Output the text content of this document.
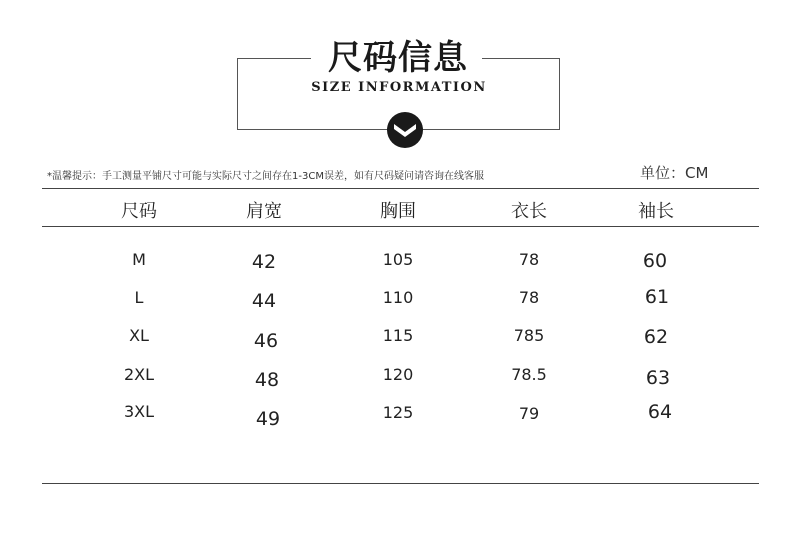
尺码信息
SIZE INFORMATION
*温馨提示：手工测量平铺尺寸可能与实际尺寸之间存在1-3CM误差，如有尺码疑问请咨询在线客服	单位：CM
尺码	肩宽	胸围	衣长	袖长
M	42	105	78	60
L	44	110	78	61
XL	46	115	785	62
2XL	48	120	78.5	63
3XL	49	125	79	64
